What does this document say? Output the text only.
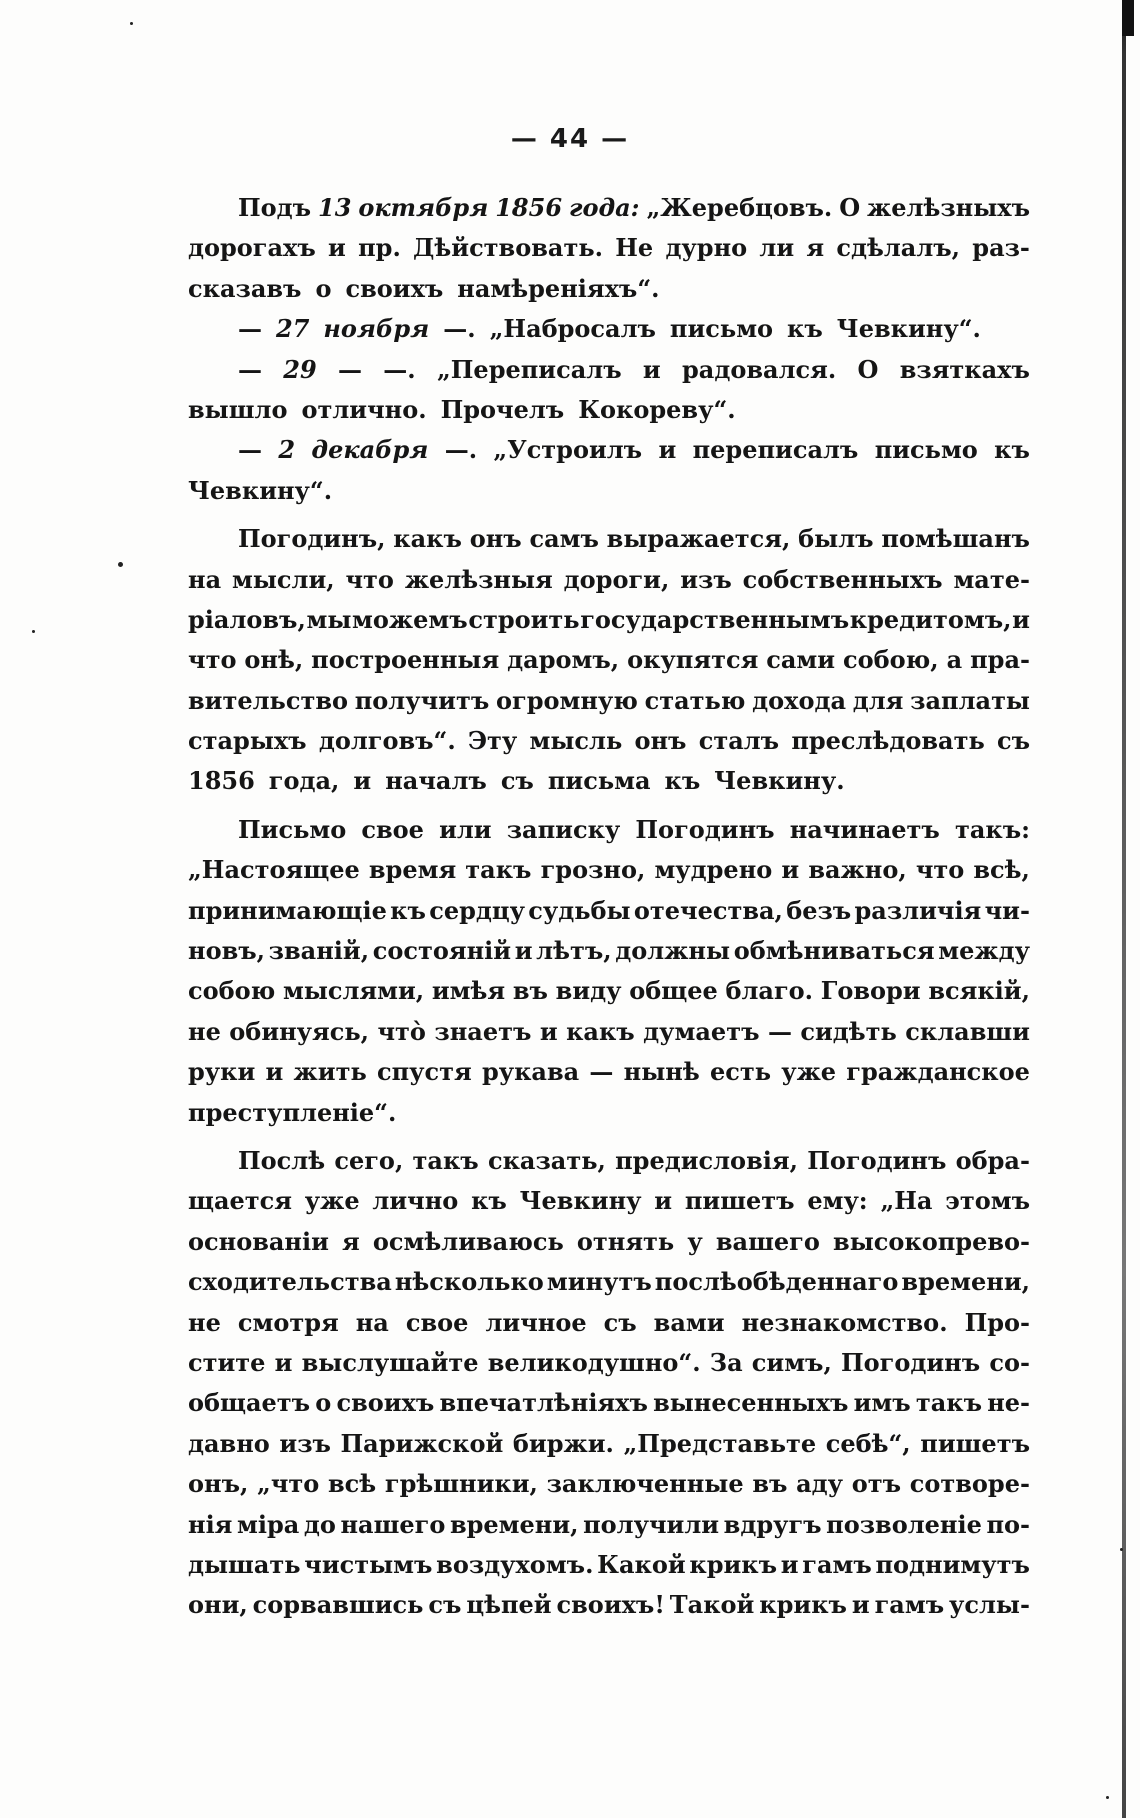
— 44 —
Подъ 13 октября 1856 года: „Жеребцовъ. О желѣзныхъ
дорогахъ и пр. Дѣйствовать. Не дурно ли я сдѣлалъ, раз-
сказавъ о своихъ намѣреніяхъ“.
— 27 ноября —. „Набросалъ письмо къ Чевкину“.
— 29 — —. „Переписалъ и радовался. О взяткахъ
вышло отлично. Прочелъ Кокореву“.
— 2 декабря —. „Устроилъ и переписалъ письмо къ
Чевкину“.
Погодинъ, какъ онъ самъ выражается, былъ помѣшанъ
на мысли, что желѣзныя дороги, изъ собственныхъ мате-
ріаловъ, мы можемъ строить государственнымъ кредитомъ, и
что онѣ, построенныя даромъ, окупятся сами собою, а пра-
вительство получитъ огромную статью дохода для заплаты
старыхъ долговъ“. Эту мысль онъ сталъ преслѣдовать съ
1856 года, и началъ съ письма къ Чевкину.
Письмо свое или записку Погодинъ начинаетъ такъ:
„Настоящее время такъ грозно, мудрено и важно, что всѣ,
принимающіе къ сердцу судьбы отечества, безъ различія чи-
новъ, званій, состояній и лѣтъ, должны обмѣниваться между
собою мыслями, имѣя въ виду общее благо. Говори всякій,
не обинуясь, что̀ знаетъ и какъ думаетъ — сидѣть склавши
руки и жить спустя рукава — нынѣ есть уже гражданское
преступленіе“.
Послѣ сего, такъ сказать, предисловія, Погодинъ обра-
щается уже лично къ Чевкину и пишетъ ему: „На этомъ
основаніи я осмѣливаюсь отнять у вашего высокопрево-
сходительства нѣсколько минутъ послѣобѣденнаго времени,
не смотря на свое личное съ вами незнакомство. Про-
стите и выслушайте великодушно“. За симъ, Погодинъ со-
общаетъ о своихъ впечатлѣніяхъ вынесенныхъ имъ такъ не-
давно изъ Парижской биржи. „Представьте себѣ“, пишетъ
онъ, „что всѣ грѣшники, заключенные въ аду отъ сотворе-
нія міра до нашего времени, получили вдругъ позволеніе по-
дышать чистымъ воздухомъ. Какой крикъ и гамъ поднимутъ
они, сорвавшись съ цѣпей своихъ! Такой крикъ и гамъ услы-
